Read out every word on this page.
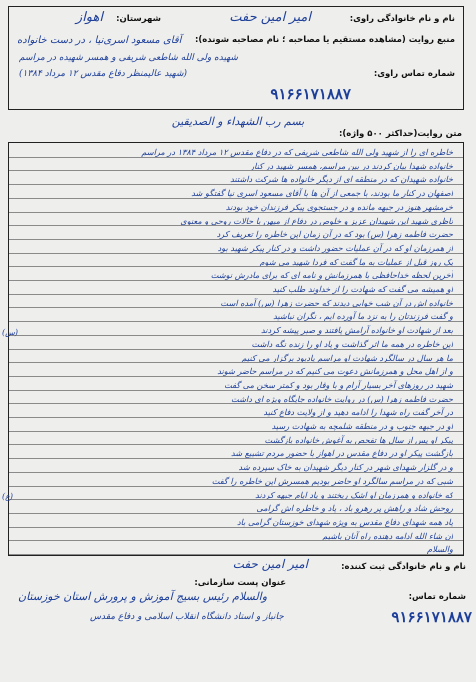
نام و نام خانوادگی راوی:
امیر امین حفت
شهرستان:
اهواز
منبع روایت (مشاهده مستقیم یا مصاحبه ؛ نام مصاحبه شونده):
آقای مسعود اسری‌نیا ، در دست خانواده
شهیده ولی الله شاطعی شریفی و همسر شهیده در مراسم
(شهید عالیمنظر دفاع مقدس ۱۲ مرداد ۱۳۸۴)	شماره تماس راوی:
۹۱۶۶۱۷۱۸۸۷
بسم رب الشهداء و الصدیقین
متن روایت(حداکثر ۵۰۰ واژه):
خاطره ای را از شهید ولی الله شاطعی شریفی که در دفاع مقدس ۱۲ مرداد ۱۳۸۴ در مراسم
خانواده شهدا بیان کردند در بین مراسم، همسر شهید در کنار
خانواده شهیدان که در منطقه ای از دیگر خانواده ها شرکت داشتند
اصفهان در کنار ما بودند، با جمعی از آن ها با آقای مسعود اسری نیا گفتگو شد
خرمشهر هنوز در جبهه مانده و در جستجوی پیکر فرزندان خود بودند
ناظری شهید این شهیدان عزیز و خلوص در دفاع از میهن با حالات روحی و معنوی
حضرت فاطمه زهرا (س) بود که در آن زمان این خاطره را تعریف کرد
از همرزمان او که در آن عملیات حضور داشت و در کنار پیکر شهید بود
یک روز قبل از عملیات به ما گفت که فردا شهید می شوم
آخرین لحظه خداحافظی با همرزمانش و نامه ای که برای مادرش نوشت
او همیشه می گفت که شهادت را از خداوند طلب کنید
خانواده اش در آن شب خوابی دیدند که حضرت زهرا (س) آمده است
و گفت فرزندتان را به نزد ما آورده ایم ، نگران نباشید
بعد از شهادت او خانواده آرامش یافتند و صبر پیشه کردند
این خاطره در همه ما اثر گذاشت و یاد او را زنده نگه داشت
ما هر سال در سالگرد شهادت او مراسم یادبود برگزار می کنیم
و از اهل محل و همرزمانش دعوت می کنیم که در مراسم حاضر شوند
شهید در روزهای آخر بسیار آرام و با وقار بود و کمتر سخن می گفت
حضرت فاطمه زهرا (س) در روایت خانواده جایگاه ویژه ای داشت
در آخر گفت راه شهدا را ادامه دهید و از ولایت دفاع کنید
او در جبهه جنوب و در منطقه شلمچه به شهادت رسید
پیکر او پس از سال ها تفحص به آغوش خانواده بازگشت
بازگشت پیکر او در دفاع مقدس در اهواز با حضور مردم تشییع شد
و در گلزار شهدای شهر در کنار دیگر شهیدان به خاک سپرده شد
شبی که در مراسم سالگرد او حاضر بودیم همسرش این خاطره را گفت
که خانواده و همرزمان او اشک ریختند و یاد ایام جبهه کردند
روحش شاد و راهش پر رهرو باد ، یاد و خاطره اش گرامی
یاد همه شهدای دفاع مقدس به ویژه شهدای خوزستان گرامی باد
ان شاء الله ادامه دهنده راه آنان باشیم
والسلام
(س)
(ع)
نام و نام خانوادگی ثبت کننده:
امیر امین حفت
عنوان پست سازمانی:
والسلام رئیس بسیج آموزش و پرورش استان خوزستان
جانباز و استاد دانشگاه انقلاب اسلامی و دفاع مقدس
شماره تماس:
۹۱۶۶۱۷۱۸۸۷
